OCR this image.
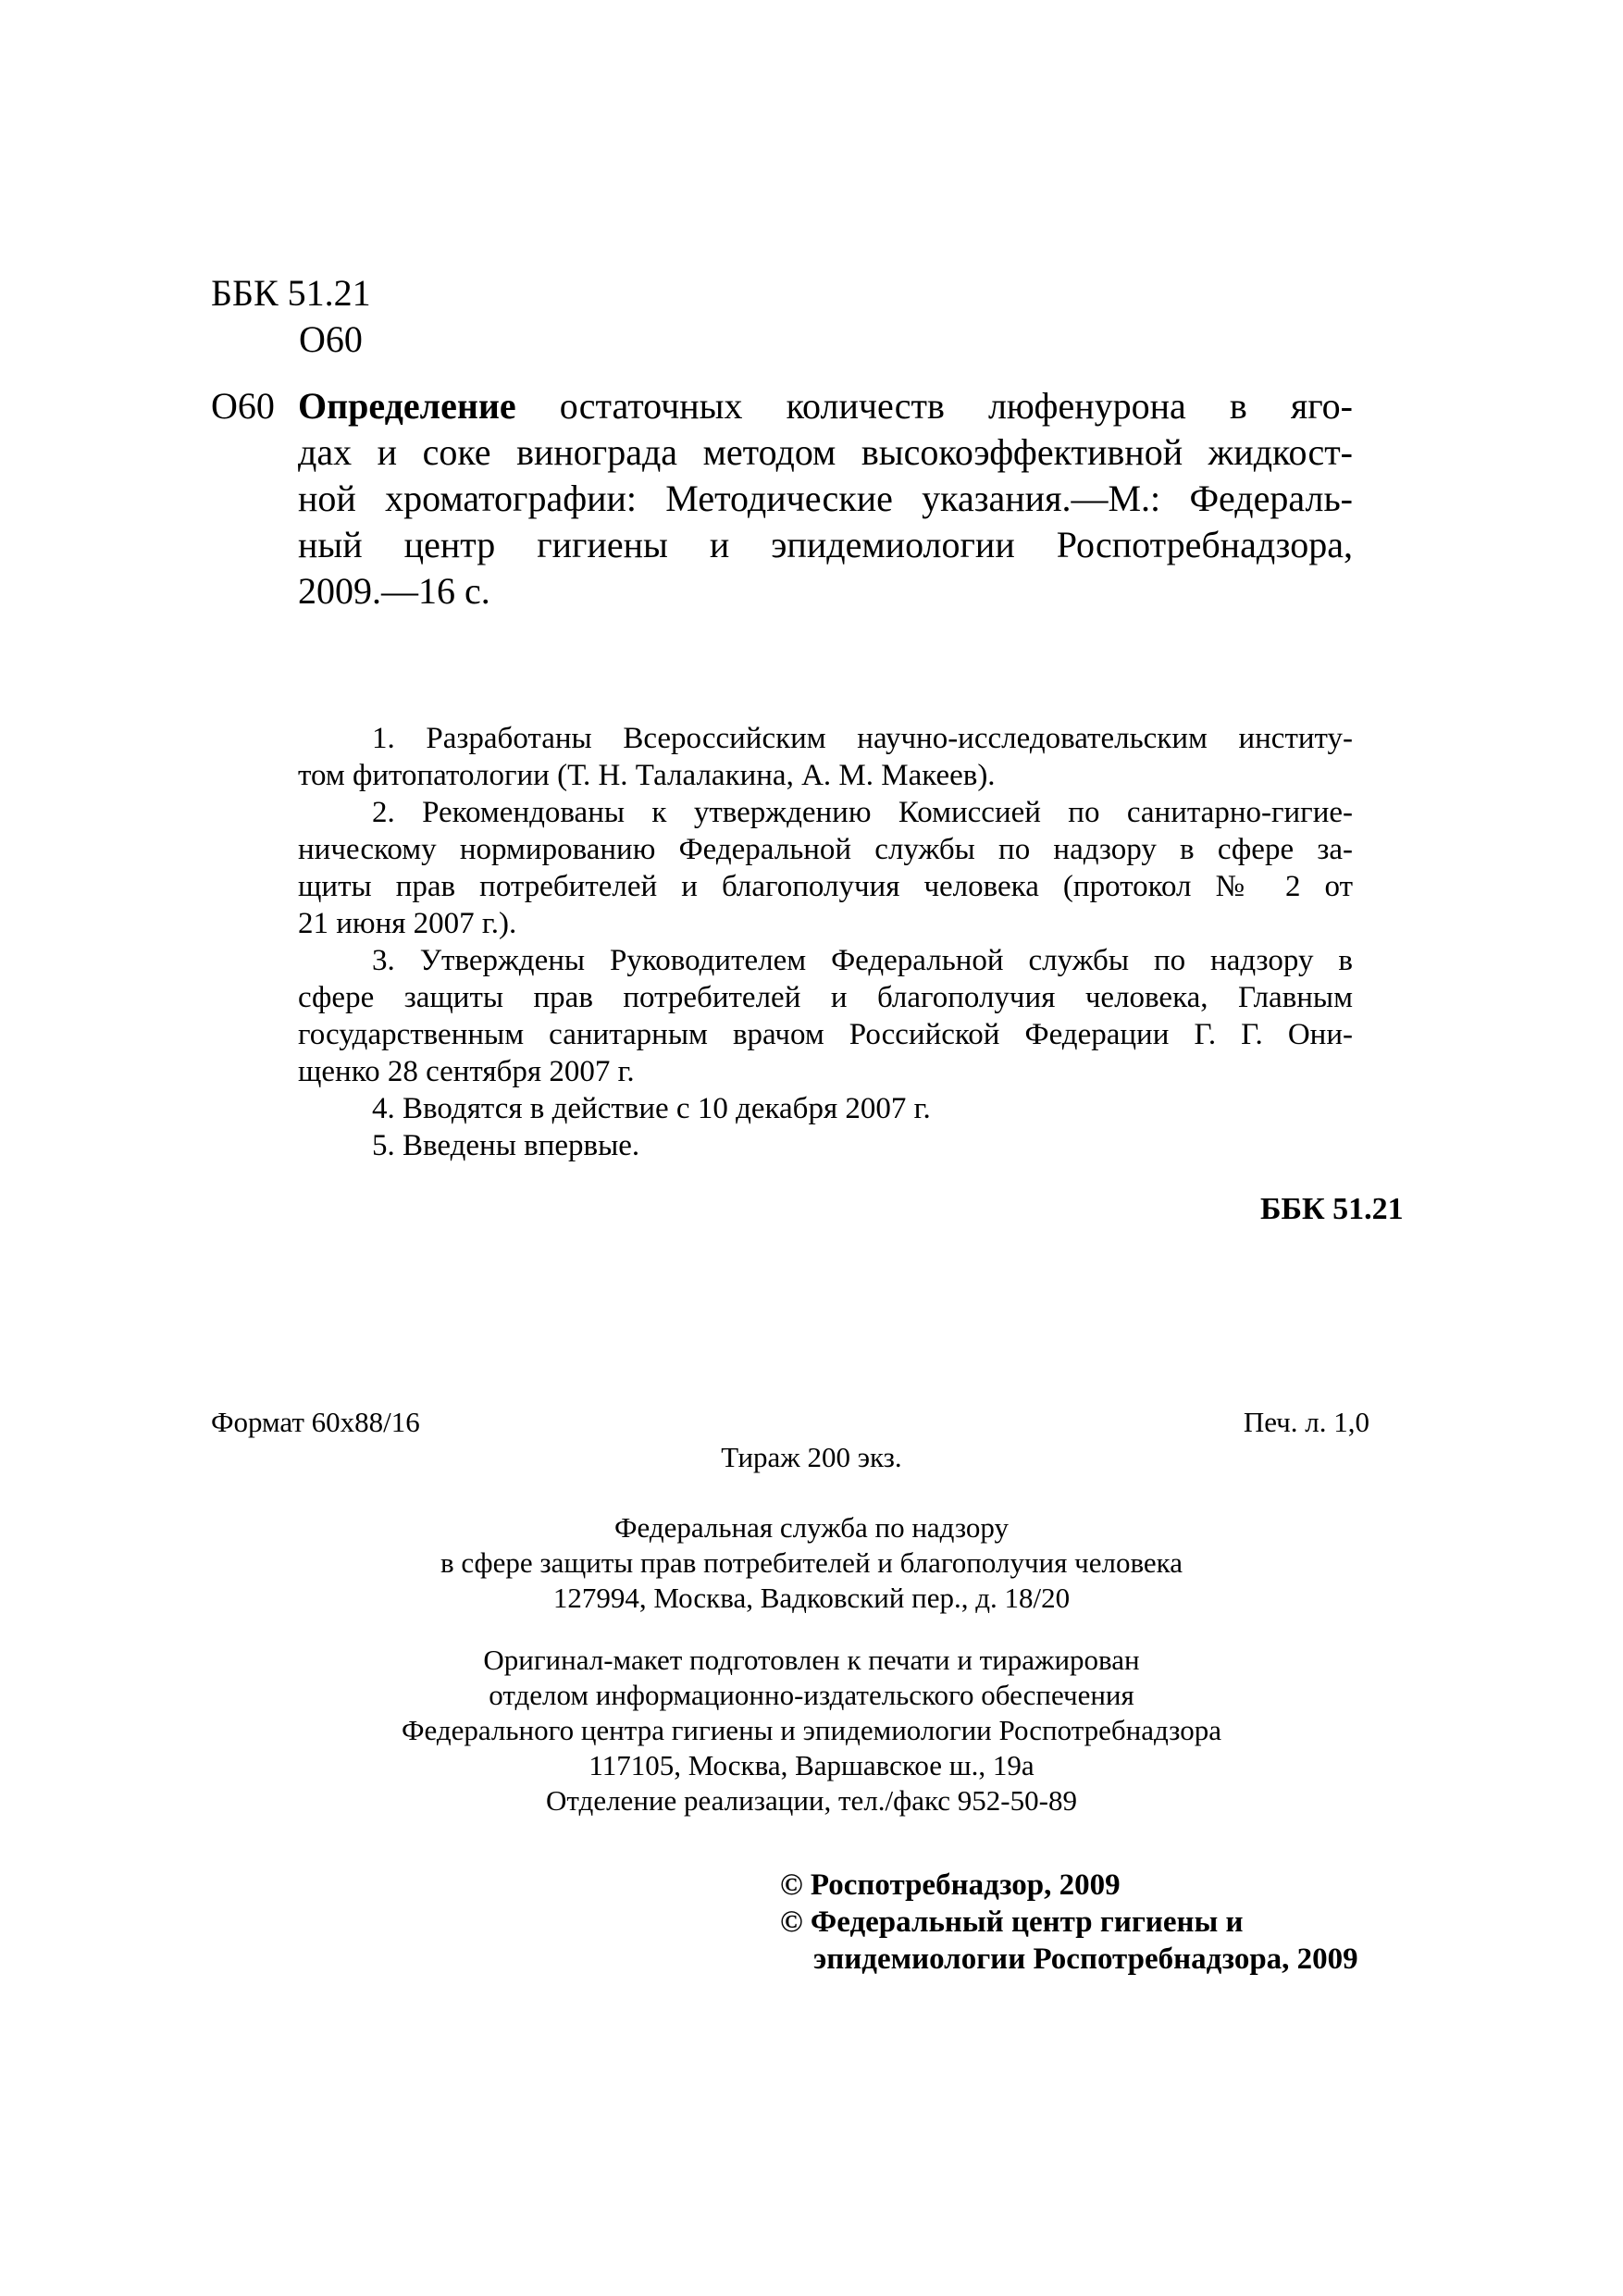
ББК 51.21
О60
О60 Определение остаточных количеств люфенурона в яго-
дах и соке винограда методом высокоэффективной жидкост-
ной хроматографии: Методические указания.—М.: Федераль-
ный центр гигиены и эпидемиологии Роспотребнадзора,
2009.—16 с.
1. Разработаны Всероссийским научно-исследовательским институ-
том фитопатологии (Т. Н. Талалакина, А. М. Макеев).
2. Рекомендованы к утверждению Комиссией по санитарно-гигие-
ническому нормированию Федеральной службы по надзору в сфере за-
щиты прав потребителей и благополучия человека (протокол № 2 от
21 июня 2007 г.).
3. Утверждены Руководителем Федеральной службы по надзору в
сфере защиты прав потребителей и благополучия человека, Главным
государственным санитарным врачом Российской Федерации Г. Г. Они-
щенко 28 сентября 2007 г.
4. Вводятся в действие с 10 декабря 2007 г.
5. Введены впервые.
ББК 51.21
Формат 60x88/16	Печ. л. 1,0
Тираж 200 экз.
Федеральная служба по надзору
в сфере защиты прав потребителей и благополучия человека
127994, Москва, Вадковский пер., д. 18/20
Оригинал-макет подготовлен к печати и тиражирован
отделом информационно-издательского обеспечения
Федерального центра гигиены и эпидемиологии Роспотребнадзора
117105, Москва, Варшавское ш., 19а
Отделение реализации, тел./факс 952-50-89
© Роспотребнадзор, 2009
© Федеральный центр гигиены и
эпидемиологии Роспотребнадзора, 2009
